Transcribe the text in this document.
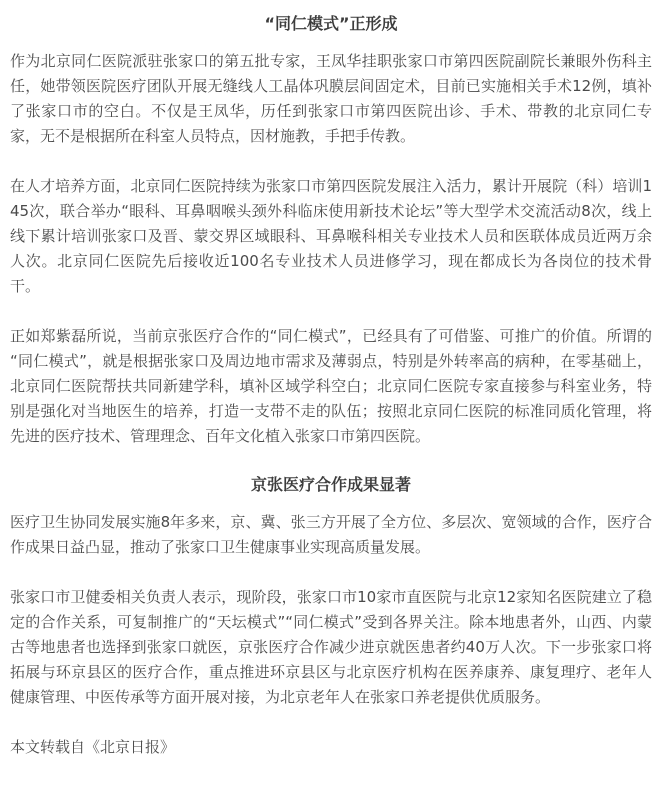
“同仁模式”正形成

作为北京同仁医院派驻张家口的第五批专家，王凤华挂职张家口市第四医院副院长兼眼外伤科主任，她带领医院医疗团队开展无缝线人工晶体巩膜层间固定术，目前已实施相关手术12例，填补了张家口市的空白。不仅是王凤华，历任到张家口市第四医院出诊、手术、带教的北京同仁专家，无不是根据所在科室人员特点，因材施教，手把手传教。

在人才培养方面，北京同仁医院持续为张家口市第四医院发展注入活力，累计开展院（科）培训145次，联合举办“眼科、耳鼻咽喉头颈外科临床使用新技术论坛”等大型学术交流活动8次，线上线下累计培训张家口及晋、蒙交界区域眼科、耳鼻喉科相关专业技术人员和医联体成员近两万余人次。北京同仁医院先后接收近100名专业技术人员进修学习，现在都成长为各岗位的技术骨干。

正如郑紫磊所说，当前京张医疗合作的“同仁模式”，已经具有了可借鉴、可推广的价值。所谓的“同仁模式”，就是根据张家口及周边地市需求及薄弱点，特别是外转率高的病种，在零基础上，北京同仁医院帮扶共同新建学科，填补区域学科空白；北京同仁医院专家直接参与科室业务，特别是强化对当地医生的培养，打造一支带不走的队伍；按照北京同仁医院的标准同质化管理，将先进的医疗技术、管理理念、百年文化植入张家口市第四医院。

京张医疗合作成果显著

医疗卫生协同发展实施8年多来，京、冀、张三方开展了全方位、多层次、宽领域的合作，医疗合作成果日益凸显，推动了张家口卫生健康事业实现高质量发展。

张家口市卫健委相关负责人表示，现阶段，张家口市10家市直医院与北京12家知名医院建立了稳定的合作关系，可复制推广的“天坛模式”“同仁模式”受到各界关注。除本地患者外，山西、内蒙古等地患者也选择到张家口就医，京张医疗合作减少进京就医患者约40万人次。下一步张家口将拓展与环京县区的医疗合作，重点推进环京县区与北京医疗机构在医养康养、康复理疗、老年人健康管理、中医传承等方面开展对接，为北京老年人在张家口养老提供优质服务。

本文转载自《北京日报》
